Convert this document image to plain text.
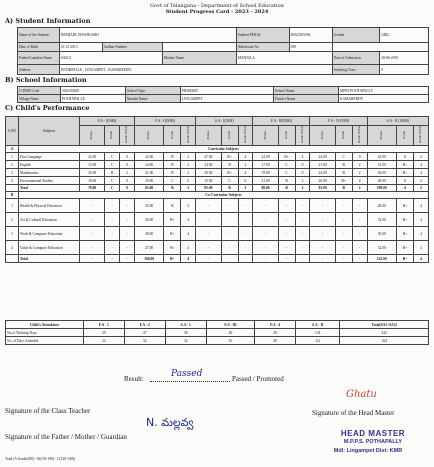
Govt of Telangana - Department of School Education
Student Progress Card - 2023 - 2024
A) Student Information
Name of the Student	NEERADI JASWIKASRI			Student PEN Id	20023165186	Gender	GIRL
Date of Birth	16-12-2013	Aadhar Number		Admission No	388		
Father/Guardian Name	SAILU		Mother Name	MANJULA		Date of Admission	20-06-2019
Address	POTHIPALLE , LINGAMPET , KAMAREDDY					Studying Class	5
B) School Information
U-DISE Code	3G0230208	School Type	PRIMARY	School Name	MPPS POTHAPALLY
Village Name	POTHAPALLE	Mandal Name	LINGAMPET	District Name	KAMAREDDY
C) Child's Performance
S.NO	Subjects	F.A - I(50M)			F.A - II(50M)			S.A - I(50M)			F.A - III(50M)			F.A - IV(50M)			S.A - II (100M)		
		Marks	Grade	Grade Points	Marks	Grade	Grade Points	Marks	Grade	Grade Points	Marks	Grade	Grade Points	Marks	Grade	Grade Points	Marks	Grade	Grade Points
A	Curricular Subjects																		
1	First Language	22.00	C	0	22.00	B	2	27.00	B+	4	24.00	B+	4	24.00	C	0	43.00	A	2
2	English	13.00	C	0	24.00	B	2	24.00	B	2	17.00	C	0	21.00	B	2	51.00	B+	4
3	Mathematics	25.00	B	2	21.00	B	2	29.00	B+	4	19.00	C	0	24.00	B	2	56.00	B+	4
4	Environmental Studies	18.00	C	0	19.00	C	0	15.00	C	0	21.00	B	2	26.00	B+	4	49.00	A	2
	Total	78.00	C	0	82.00	B	2	95.00	B	2	88.00	B	2	95.00	B	2	199.00	A	2
B	Co-Curricular Subjects																		
1	Health & Physical Education	-	-	-	25.00	B	2	-	-	-	-	-	-	-	-	-	28.00	B+	4
2	Art & Cultural Education	-	-	-	26.00	B+	4	-	-	-	-	-	-	-	-	-	32.00	B+	4
3	Work & Computer Education	-	-	-	28.00	B+	4	-	-	-	-	-	-	-	-	-	30.00	B+	4
4	Value & Computer Education	-	-	-	27.00	B+	4	-	-	-	-	-	-	-	-	-	32.00	B+	4
	Total	-	-	-	106.00	B+	4	-	-	-	-	-	-	-	-	-	122.00	B+	4
Child's Attendance	F.A - 1	F.A - 2	S.A - 1	F.A - III	F.A - 4	S.A - II	Total(SA1+SA2)
No.of Working Days	39	47	38	40	58	134	222
No. of Days Attended	22	34	32	16	30	112	164
Result:	Passed	Passed / Promoted
Signature of the Class Teacher
N. మల్లవ్వ
Signature of the Father / Mother / Guardian
Ghatu
Signature of the Head Master
HEAD MASTER
M.P.P.S. POTHAPALLY
Mdl: Lingampet Dist: KMR
Total (A Grade(200) - B(150-199) - C(120-149))
